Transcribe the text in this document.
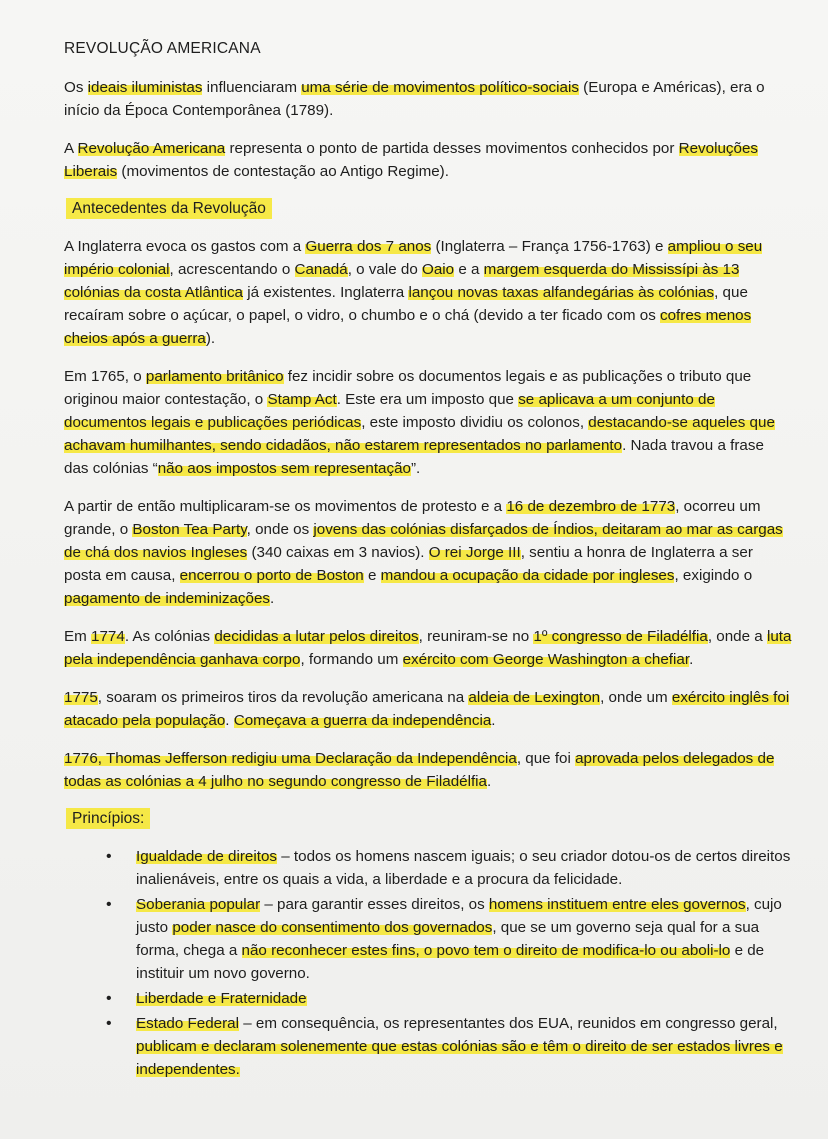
REVOLUÇÃO AMERICANA

Os ideais iluministas influenciaram uma série de movimentos político-sociais (Europa e Américas), era o início da Época Contemporânea (1789).

A Revolução Americana representa o ponto de partida desses movimentos conhecidos por Revoluções Liberais (movimentos de contestação ao Antigo Regime).

Antecedentes da Revolução

A Inglaterra evoca os gastos com a Guerra dos 7 anos (Inglaterra – França 1756-1763) e ampliou o seu império colonial, acrescentando o Canadá, o vale do Oaio e a margem esquerda do Mississípi às 13 colónias da costa Atlântica já existentes. Inglaterra lançou novas taxas alfandegárias às colónias, que recaíram sobre o açúcar, o papel, o vidro, o chumbo e o chá (devido a ter ficado com os cofres menos cheios após a guerra).

Em 1765, o parlamento britânico fez incidir sobre os documentos legais e as publicações o tributo que originou maior contestação, o Stamp Act. Este era um imposto que se aplicava a um conjunto de documentos legais e publicações periódicas, este imposto dividiu os colonos, destacando-se aqueles que achavam humilhantes, sendo cidadãos, não estarem representados no parlamento. Nada travou a frase das colónias “não aos impostos sem representação”.

A partir de então multiplicaram-se os movimentos de protesto e a 16 de dezembro de 1773, ocorreu um grande, o Boston Tea Party, onde os jovens das colónias disfarçados de Índios, deitaram ao mar as cargas de chá dos navios Ingleses (340 caixas em 3 navios). O rei Jorge III, sentiu a honra de Inglaterra a ser posta em causa, encerrou o porto de Boston e mandou a ocupação da cidade por ingleses, exigindo o pagamento de indeminizações.

Em 1774. As colónias decididas a lutar pelos direitos, reuniram-se no 1º congresso de Filadélfia, onde a luta pela independência ganhava corpo, formando um exército com George Washington a chefiar.

1775, soaram os primeiros tiros da revolução americana na aldeia de Lexington, onde um exército inglês foi atacado pela população. Começava a guerra da independência.

1776, Thomas Jefferson redigiu uma Declaração da Independência, que foi aprovada pelos delegados de todas as colónias a 4 julho no segundo congresso de Filadélfia.

Princípios:
• Igualdade de direitos – todos os homens nascem iguais; o seu criador dotou-os de certos direitos inalienáveis, entre os quais a vida, a liberdade e a procura da felicidade.
• Soberania popular – para garantir esses direitos, os homens instituem entre eles governos, cujo justo poder nasce do consentimento dos governados, que se um governo seja qual for a sua forma, chega a não reconhecer estes fins, o povo tem o direito de modifica-lo ou aboli-lo e de instituir um novo governo.
• Liberdade e Fraternidade
• Estado Federal – em consequência, os representantes dos EUA, reunidos em congresso geral, publicam e declaram solenemente que estas colónias são e têm o direito de ser estados livres e independentes.
